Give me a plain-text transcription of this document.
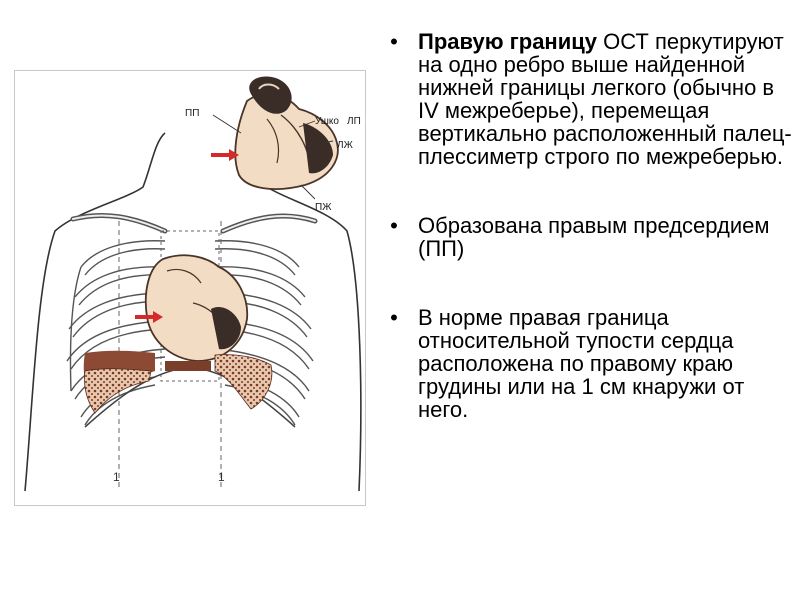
ПП
Ушко ЛП
ЛЖ
ПЖ
1	1
• Правую границу ОСТ перкутируют на одно ребро выше найденной нижней границы легкого (обычно в IV межреберье), перемещая вертикально расположенный палец-плессиметр строго по межреберью.
• Образована правым предсердием (ПП)
• В норме правая граница относительной тупости сердца расположена по правому краю грудины или на 1 см кнаружи от него.
